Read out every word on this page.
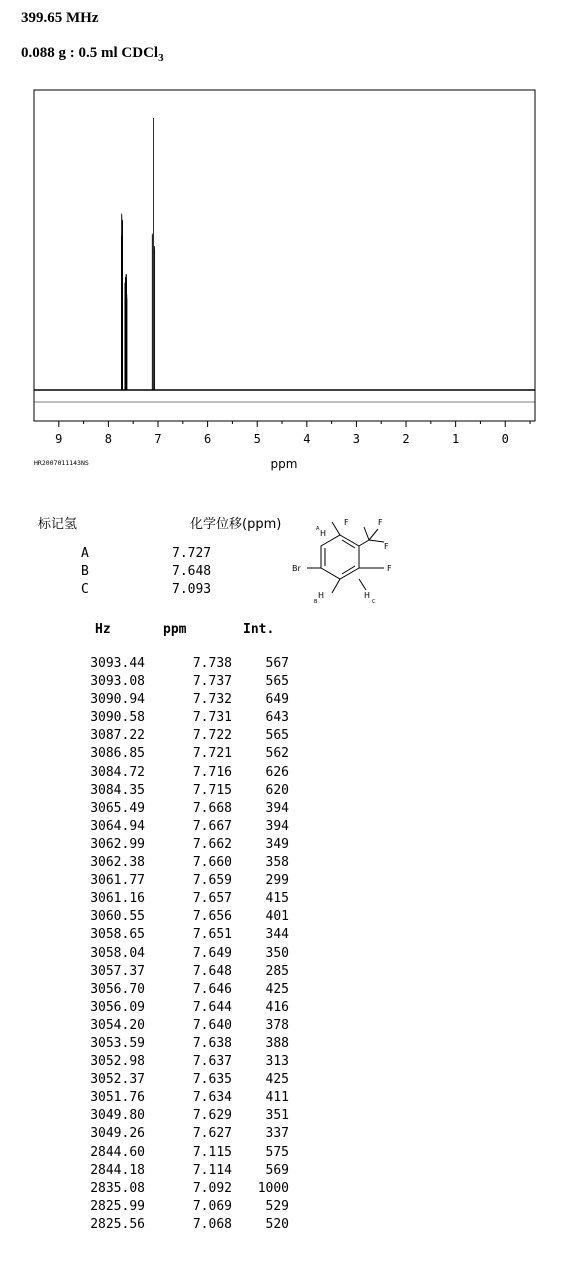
399.65 MHz
0.088 g : 0.5 ml CDCl$_3$
9	8	7	6	5	4	3	2	1	0
ppm
HR2007011143NS
标记氢	化学位移(ppm)
A	7.727
B	7.648
C	7.093
F	F
F
F
Br
H
H	H
A
B	C
Hz	ppm	Int.
3093.44	7.738	567
3093.08	7.737	565
3090.94	7.732	649
3090.58	7.731	643
3087.22	7.722	565
3086.85	7.721	562
3084.72	7.716	626
3084.35	7.715	620
3065.49	7.668	394
3064.94	7.667	394
3062.99	7.662	349
3062.38	7.660	358
3061.77	7.659	299
3061.16	7.657	415
3060.55	7.656	401
3058.65	7.651	344
3058.04	7.649	350
3057.37	7.648	285
3056.70	7.646	425
3056.09	7.644	416
3054.20	7.640	378
3053.59	7.638	388
3052.98	7.637	313
3052.37	7.635	425
3051.76	7.634	411
3049.80	7.629	351
3049.26	7.627	337
2844.60	7.115	575
2844.18	7.114	569
2835.08	7.092	1000
2825.99	7.069	529
2825.56	7.068	520
